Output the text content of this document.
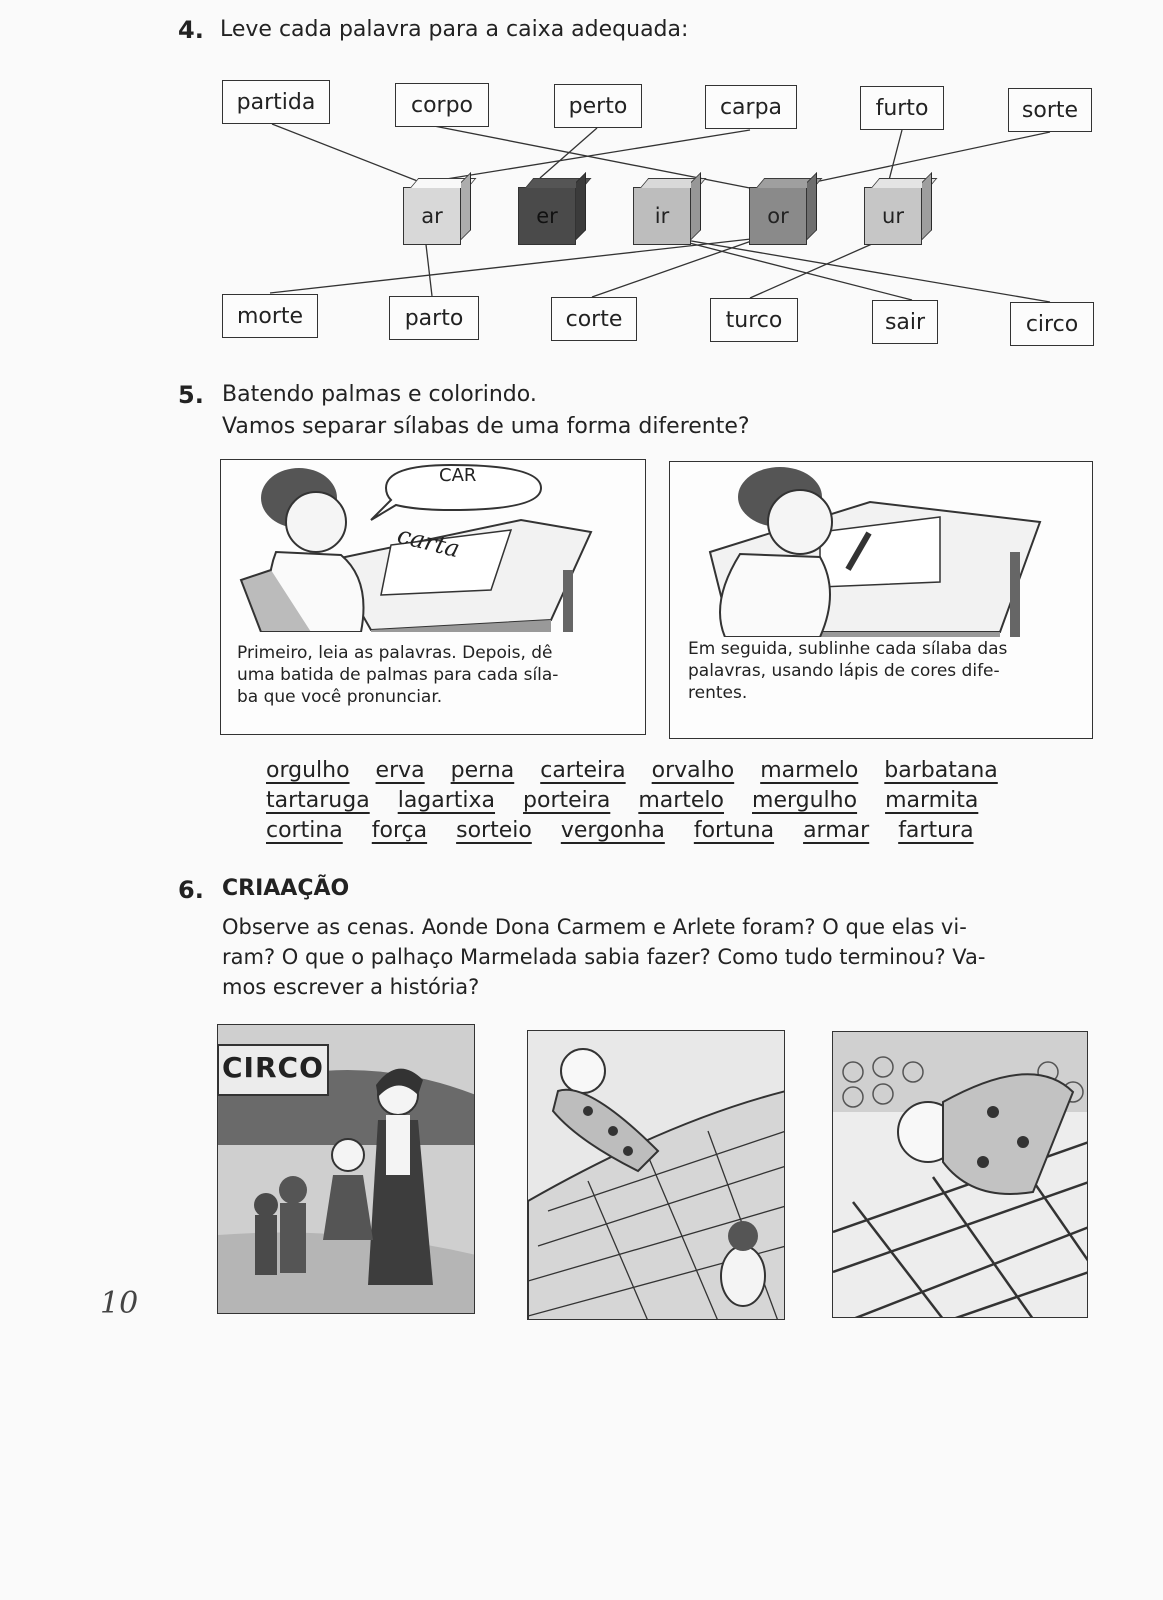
4. Leve cada palavra para a caixa adequada:
partida	corpo	perto	carpa	furto	sorte
ar	er	ir	or	ur
morte	parto	corte	turco	sair	circo
5. Batendo palmas e colorindo.
Vamos separar sílabas de uma forma diferente?
CAR
carta
Primeiro, leia as palavras. Depois, dê
uma batida de palmas para cada síla-
ba que você pronunciar.
Em seguida, sublinhe cada sílaba das
palavras, usando lápis de cores dife-
rentes.
orgulho erva perna carteira orvalho marmelo barbatana
tartaruga lagartixa porteira martelo mergulho marmita
cortina força sorteio vergonha fortuna armar fartura
6. CRIAAÇÃO
Observe as cenas. Aonde Dona Carmem e Arlete foram? O que elas vi-
ram? O que o palhaço Marmelada sabia fazer? Como tudo terminou? Va-
mos escrever a história?
CIRCO
10
